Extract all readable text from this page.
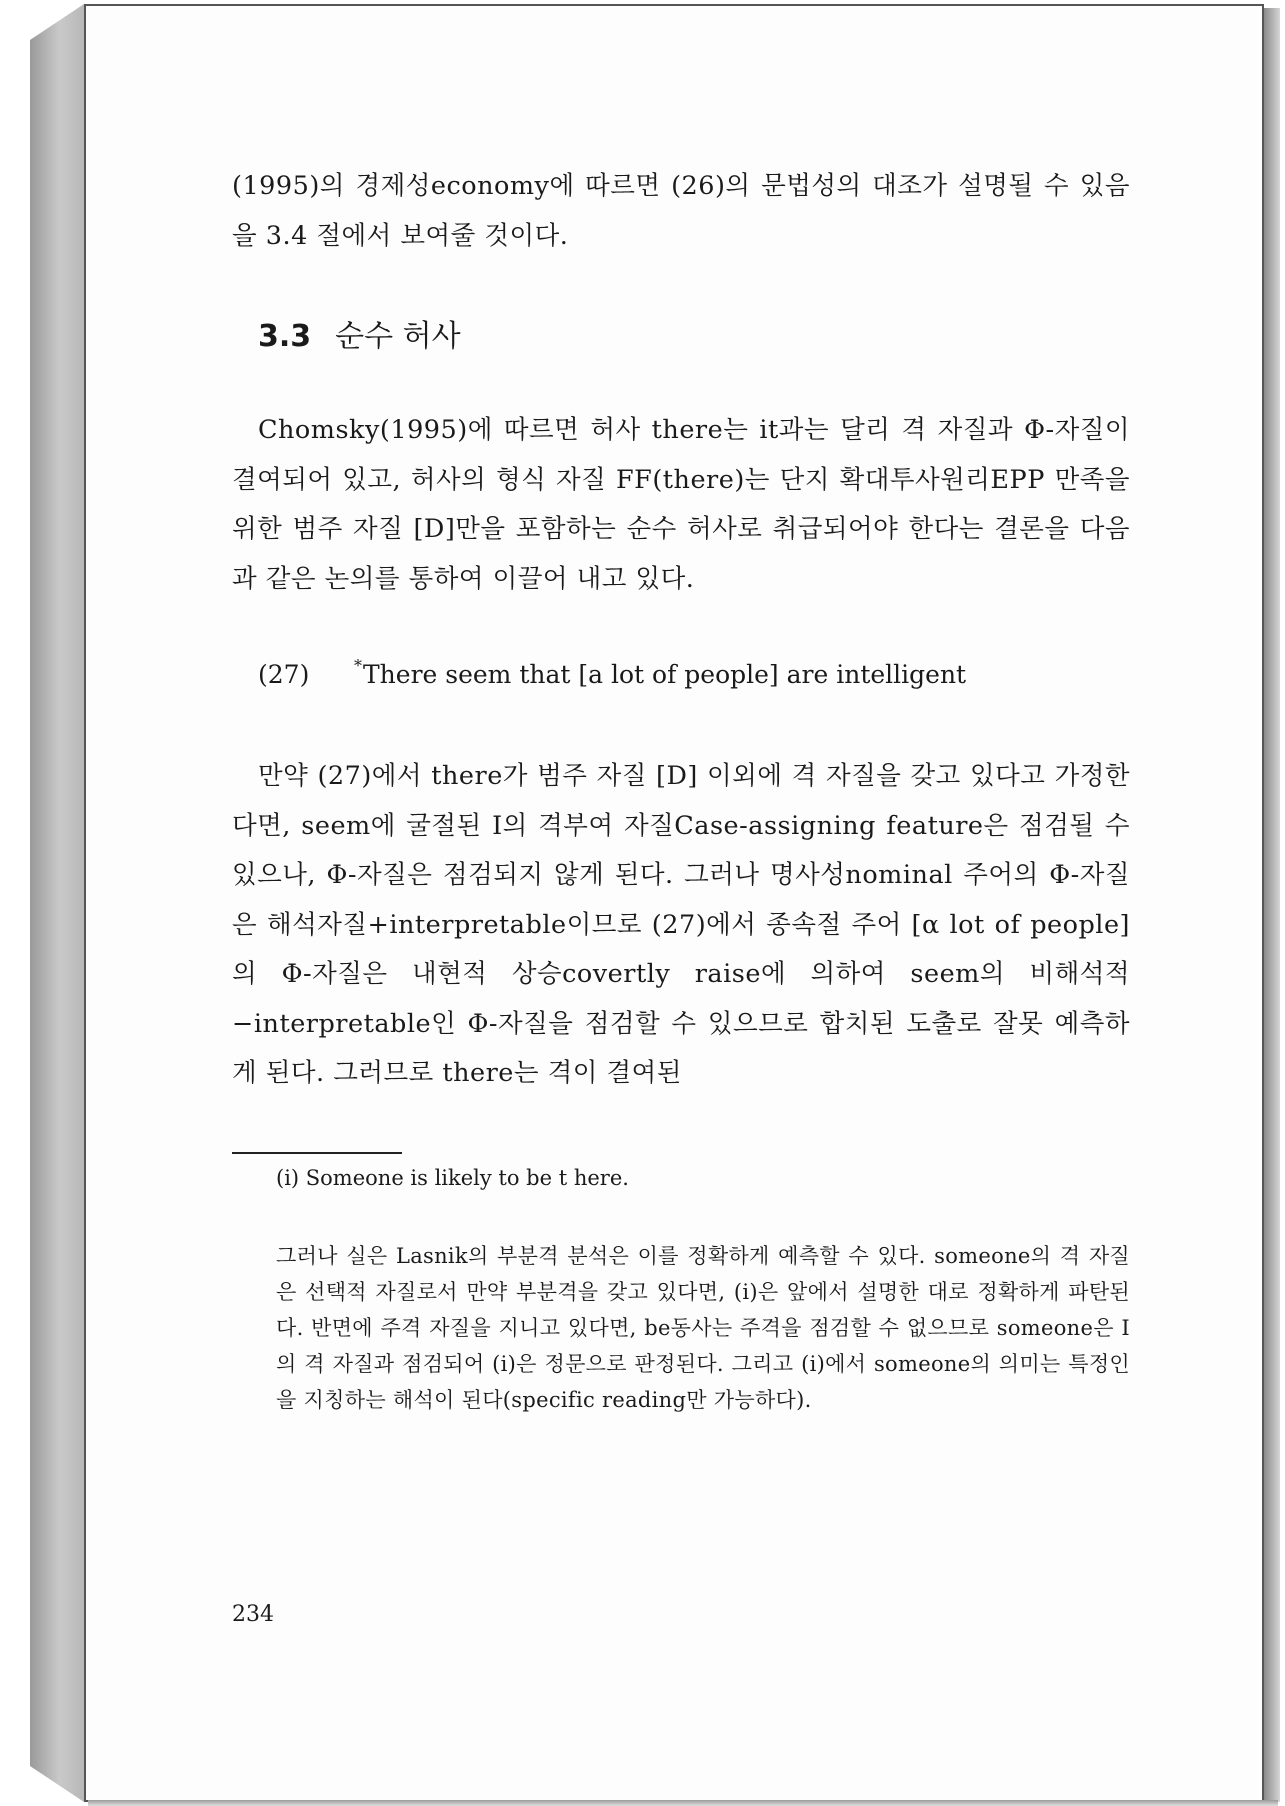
(1995)의 경제성economy에 따르면 (26)의 문법성의 대조가 설명될 수 있음을 3.4 절에서 보여줄 것이다.

3.3 순수 허사

Chomsky(1995)에 따르면 허사 there는 it과는 달리 격 자질과 Φ-자질이 결여되어 있고, 허사의 형식 자질 FF(there)는 단지 확대투사원리EPP 만족을 위한 범주 자질 [D]만을 포함하는 순수 허사로 취급되어야 한다는 결론을 다음과 같은 논의를 통하여 이끌어 내고 있다.

(27)	*There seem that [a lot of people] are intelligent

만약 (27)에서 there가 범주 자질 [D] 이외에 격 자질을 갖고 있다고 가정한다면, seem에 굴절된 I의 격부여 자질Case-assigning feature은 점검될 수 있으나, Φ-자질은 점검되지 않게 된다. 그러나 명사성nominal 주어의 Φ-자질은 해석자질+interpretable이므로 (27)에서 종속절 주어 [α lot of people]의 Φ-자질은 내현적 상승covertly raise에 의하여 seem의 비해석적−interpretable인 Φ-자질을 점검할 수 있으므로 합치된 도출로 잘못 예측하게 된다. 그러므로 there는 격이 결여된

(i) Someone is likely to be t here.

그러나 실은 Lasnik의 부분격 분석은 이를 정확하게 예측할 수 있다. someone의 격 자질은 선택적 자질로서 만약 부분격을 갖고 있다면, (i)은 앞에서 설명한 대로 정확하게 파탄된다. 반면에 주격 자질을 지니고 있다면, be동사는 주격을 점검할 수 없으므로 someone은 I의 격 자질과 점검되어 (i)은 정문으로 판정된다. 그리고 (i)에서 someone의 의미는 특정인을 지칭하는 해석이 된다(specific reading만 가능하다).

234
